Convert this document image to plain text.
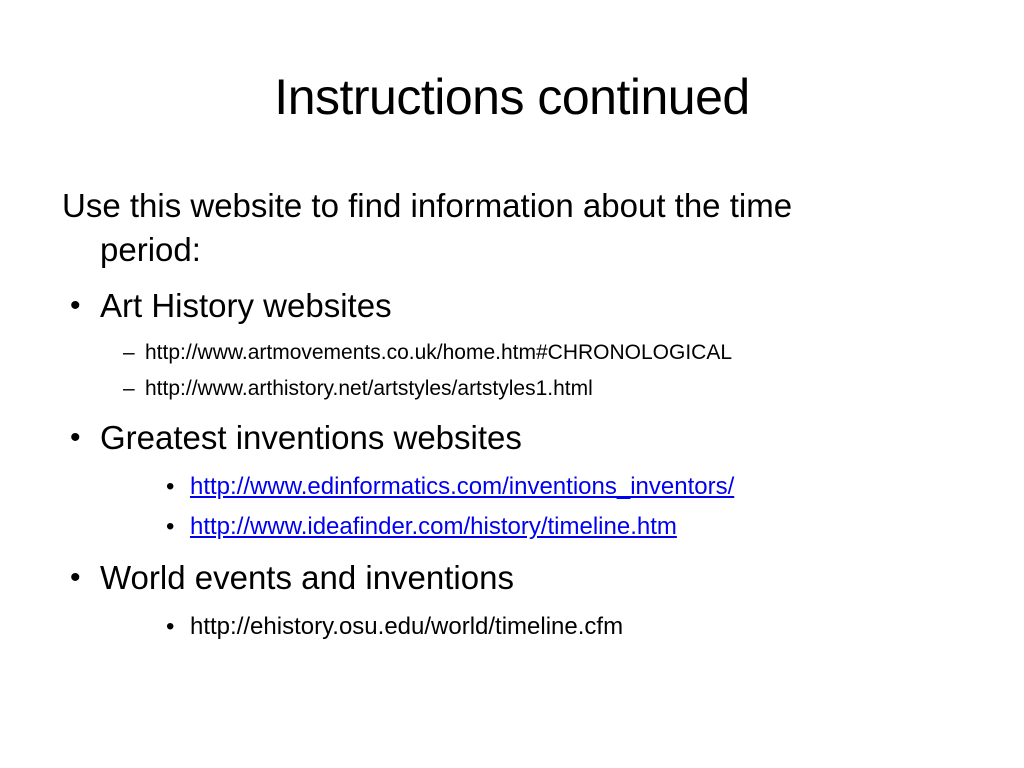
Instructions continued
Use this website to find information about the time
period:
• Art History websites
– http://www.artmovements.co.uk/home.htm#CHRONOLOGICAL
– http://www.arthistory.net/artstyles/artstyles1.html
• Greatest inventions websites
• http://www.edinformatics.com/inventions_inventors/
• http://www.ideafinder.com/history/timeline.htm
• World events and inventions
• http://ehistory.osu.edu/world/timeline.cfm
